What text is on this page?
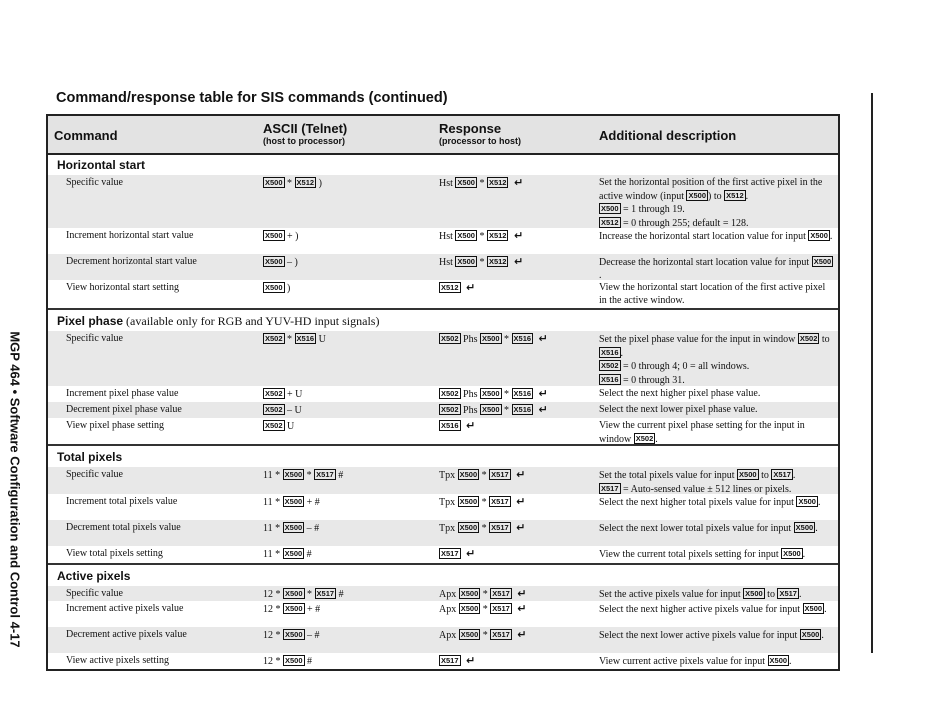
MGP 464 • Software Configuration and Control 4-17
Command/response table for SIS commands (continued)
Command	ASCII (Telnet)
(host to processor)
Response
(processor to host)	Additional description
Horizontal start
Specific value	X500 * X512 )	Hst X500 * X512 ↵	Set the horizontal position of the first active pixel in the active window (input X500 ) to X512 .
X500 = 1 through 19.
X512 = 0 through 255; default = 128.
Increment horizontal start value	X500 + )	Hst X500 * X512 ↵	Increase the horizontal start location value for input X500 .
Decrement horizontal start value	X500 – )	Hst X500 * X512 ↵	Decrease the horizontal start location value for input X500.
View horizontal start setting	X500 )	X512 ↵	View the horizontal start location of the first active pixel in the active window.
Pixel phase (available only for RGB and YUV-HD input signals)
Specific value	X502 * X516 U	X502 Phs X500 * X516 ↵	Set the pixel phase value for the input in window X502 to X516 .
X502 = 0 through 4; 0 = all windows.
X516 = 0 through 31.
Increment pixel phase value	X502 + U	X502 Phs X500 * X516 ↵	Select the next higher pixel phase value.
Decrement pixel phase value	X502 – U	X502 Phs X500 * X516 ↵	Select the next lower pixel phase value.
View pixel phase setting	X502 U	X516 ↵	View the current pixel phase setting for the input in window X502 .
Total pixels
Specific value	11 * X500 * X517 #	Tpx X500 * X517 ↵	Set the total pixels value for input X500 to X517 .
X517 = Auto-sensed value ± 512 lines or pixels.
Increment total pixels value	11 * X500 + #	Tpx X500 * X517 ↵	Select the next higher total pixels value for input X500 .
Decrement total pixels value	11 * X500 – #	Tpx X500 * X517 ↵	Select the next lower total pixels value for input X500 .
View total pixels setting	11 * X500 #	X517 ↵	View the current total pixels setting for input X500 .
Active pixels
Specific value	12 * X500 * X517 #	Apx X500 * X517 ↵	Set the active pixels value for input X500 to X517 .
Increment active pixels value	12 * X500 + #	Apx X500 * X517 ↵	Select the next higher active pixels value for input X500 .
Decrement active pixels value	12 * X500 – #	Apx X500 * X517 ↵	Select the next lower active pixels value for input X500 .
View active pixels setting	12 * X500 #	X517 ↵	View current active pixels value for input X500 .
